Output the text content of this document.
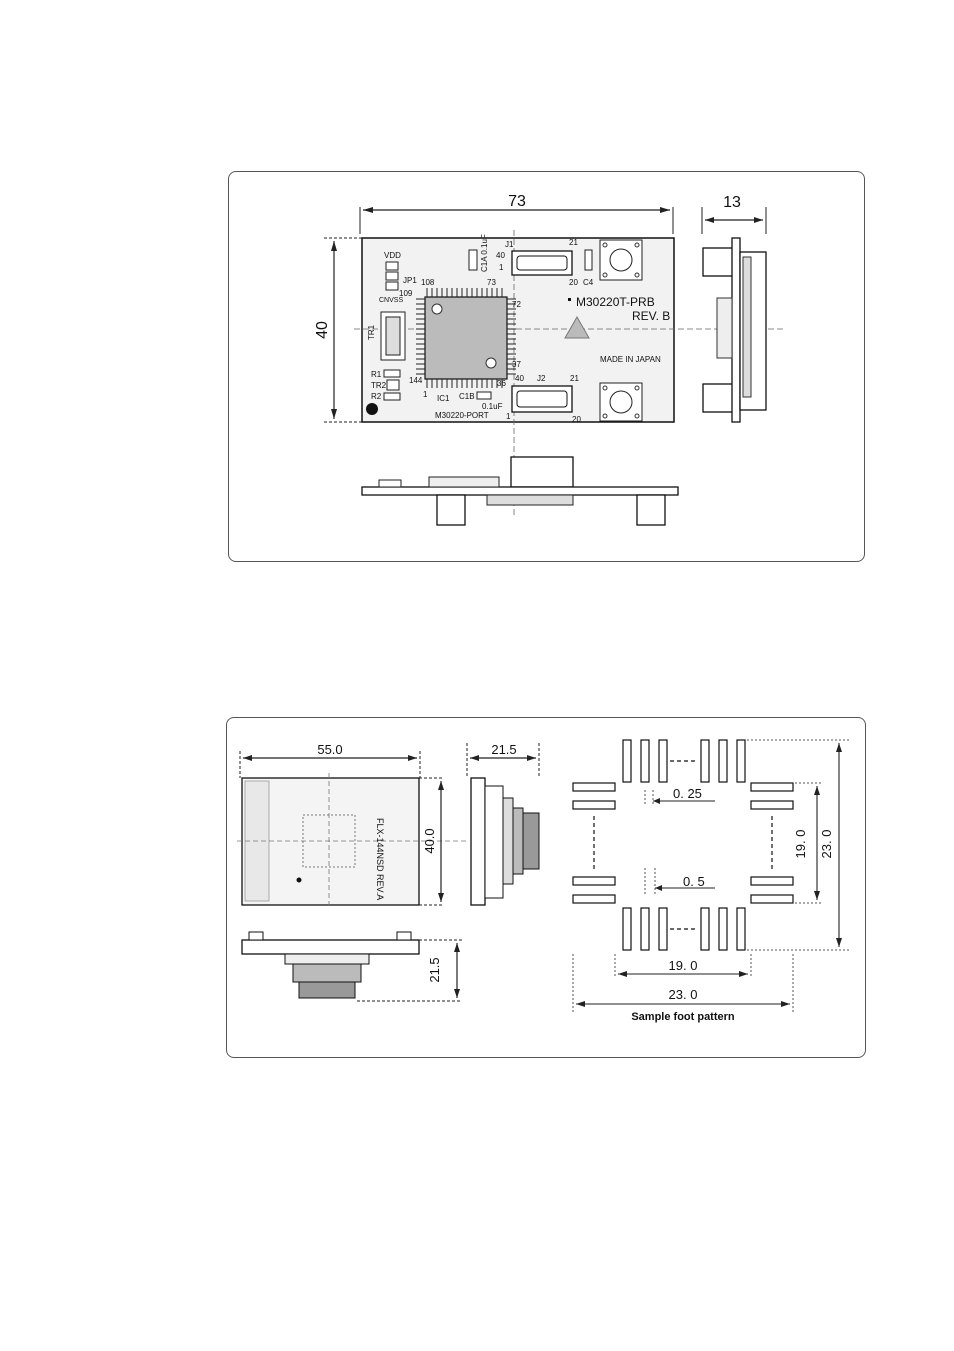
73	13
40
VDD
JP1
CNVSS
TR1
R1
TR2
R2
108
109
73
72
37
144
1
36
IC1 C1B
0.1uF
M30220-PORT
C1A 0.1uF J1
40
1
21
20 C4
M30220T-PRB
REV. B
MADE IN JAPAN
40 J2	21
1	20
55.0
FLX-144NSD REV.A	40.0
21.5
21.5
0. 25
0. 5
19. 0
23. 0
Sample foot pattern
19. 0 23. 0
